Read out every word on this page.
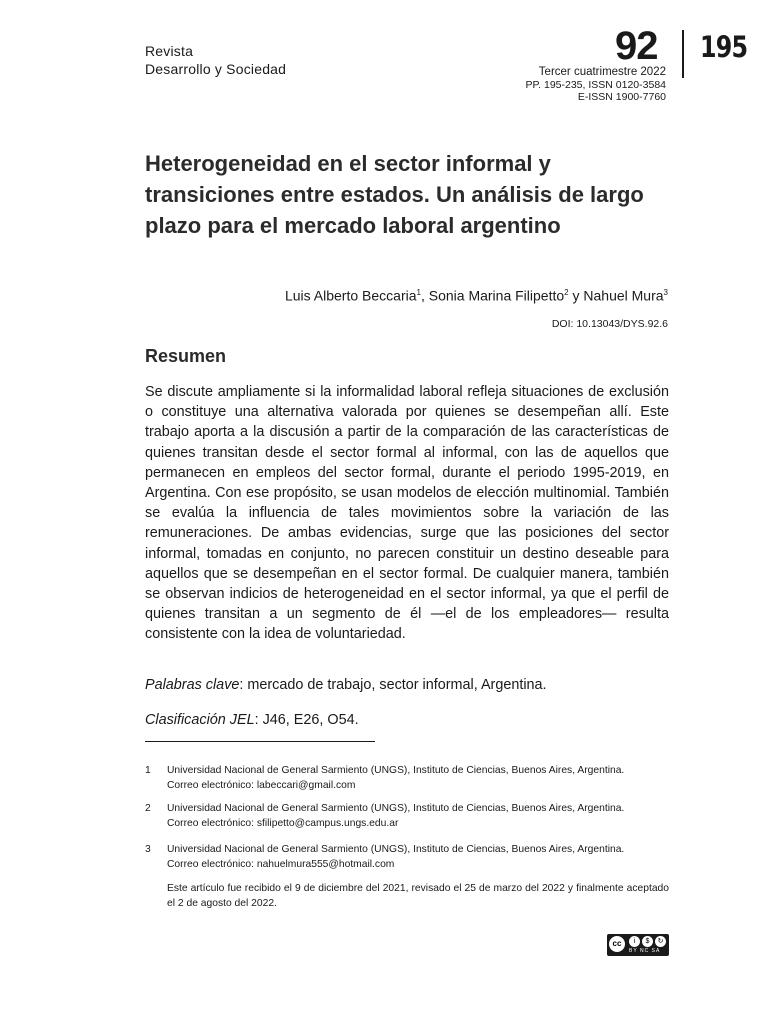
Revista
Desarrollo y Sociedad
92 195
Tercer cuatrimestre 2022
PP. 195-235, ISSN 0120-3584
E-ISSN 1900-7760
Heterogeneidad en el sector informal y transiciones entre estados. Un análisis de largo plazo para el mercado laboral argentino
Luis Alberto Beccaria$^1$, Sonia Marina Filipetto$^2$ y Nahuel Mura$^3$
DOI: 10.13043/DYS.92.6
Resumen

Se discute ampliamente si la informalidad laboral refleja situaciones de exclusión o constituye una alternativa valorada por quienes se desempeñan allí. Este trabajo aporta a la discusión a partir de la comparación de las características de quienes transitan desde el sector formal al informal, con las de aquellos que permanecen en empleos del sector formal, durante el periodo 1995-2019, en Argentina. Con ese propósito, se usan modelos de elección multinomial. También se evalúa la influencia de tales movimientos sobre la variación de las remuneraciones. De ambas evidencias, surge que las posiciones del sector informal, tomadas en conjunto, no parecen constituir un destino deseable para aquellos que se desempeñan en el sector formal. De cualquier manera, también se observan indicios de heterogeneidad en el sector informal, ya que el perfil de quienes transitan a un segmento de él —el de los empleadores— resulta consistente con la idea de voluntariedad.

Palabras clave: mercado de trabajo, sector informal, Argentina.
Clasificación JEL: J46, E26, O54.
1 Universidad Nacional de General Sarmiento (UNGS), Instituto de Ciencias, Buenos Aires, Argentina.
Correo electrónico: labeccari@gmail.com
2 Universidad Nacional de General Sarmiento (UNGS), Instituto de Ciencias, Buenos Aires, Argentina.
Correo electrónico: sfilipetto@campus.ungs.edu.ar
3 Universidad Nacional de General Sarmiento (UNGS), Instituto de Ciencias, Buenos Aires, Argentina.
Correo electrónico: nahuelmura555@hotmail.com
Este artículo fue recibido el 9 de diciembre del 2021, revisado el 25 de marzo del 2022 y finalmente aceptado el 2 de agosto del 2022.
cc	i	$	↻
BY NC SA
